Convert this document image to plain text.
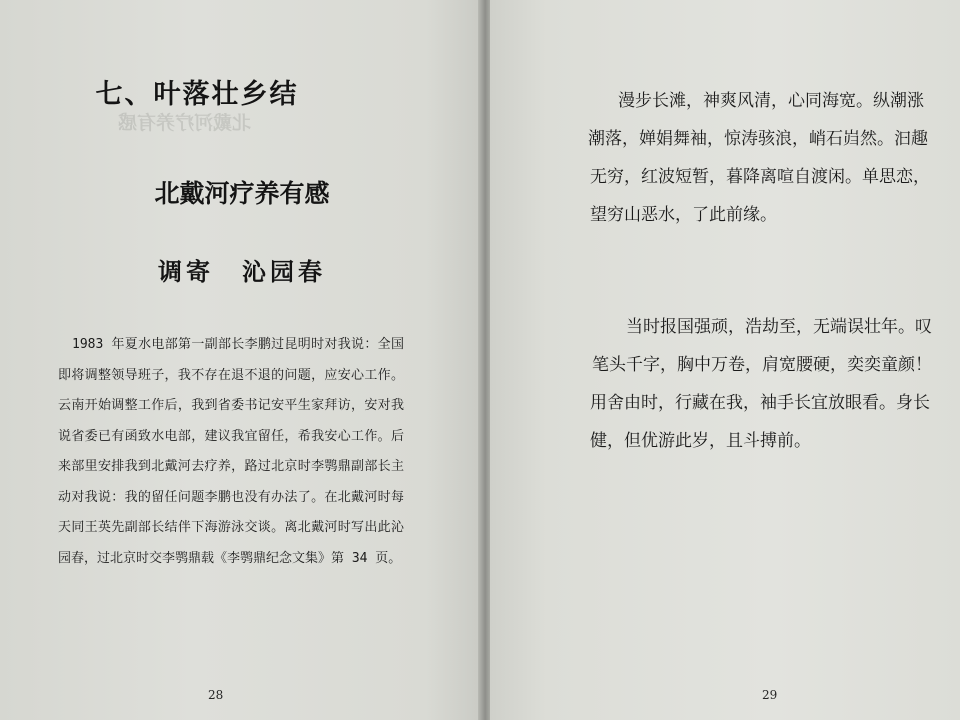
七、叶落壮乡结
北戴河疗养有感
北戴河疗养有感
调寄　沁园春
1983 年夏水电部第一副部长李鹏过昆明时对我说：全国
即将调整领导班子，我不存在退不退的问题，应安心工作。
云南开始调整工作后，我到省委书记安平生家拜访，安对我
说省委已有函致水电部，建议我宜留任，希我安心工作。后
来部里安排我到北戴河去疗养，路过北京时李鹗鼎副部长主
动对我说：我的留任问题李鹏也没有办法了。在北戴河时每
天同王英先副部长结伴下海游泳交谈。离北戴河时写出此沁
园春，过北京时交李鹗鼎载《李鹗鼎纪念文集》第 34 页。
28
漫步长滩，神爽风清，心同海宽。纵潮涨
潮落，婵娟舞袖，惊涛骇浪，峭石岿然。汩趣
无穷，红波短暂，暮降离喧自渡闲。单思恋，
望穷山恶水，了此前缘。
当时报国强顽，浩劫至，无端误壮年。叹
笔头千字，胸中万卷，肩宽腰硬，奕奕童颜！
用舍由时，行藏在我，袖手长宜放眼看。身长
健，但优游此岁，且斗搏前。
29
